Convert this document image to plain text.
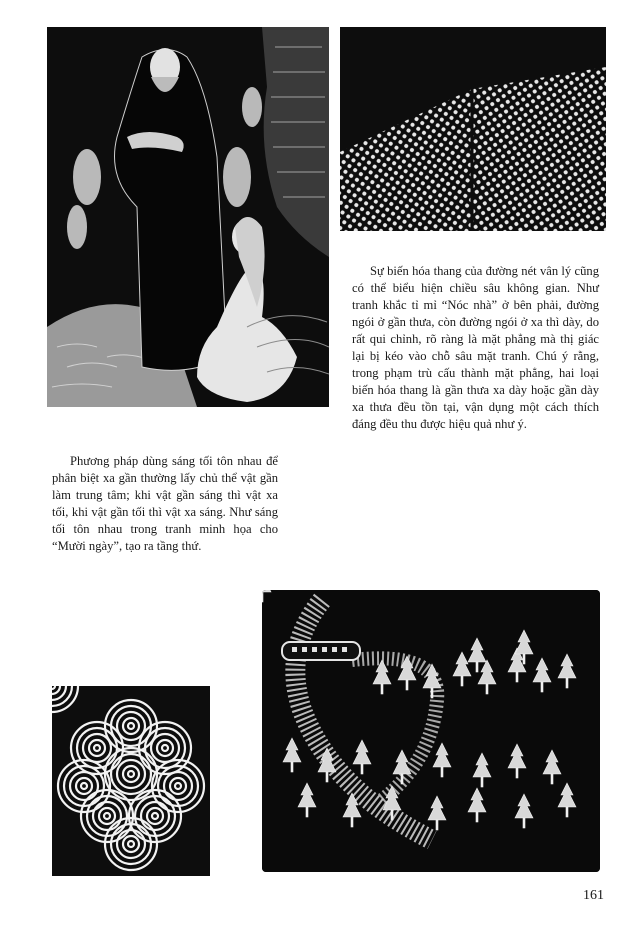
Sự biến hóa thang của đường nét vân lý cũng có thể biểu hiện chiều sâu không gian. Như tranh khắc tỉ mỉ “Nóc nhà” ở bên phải, đường ngói ở gần thưa, còn đường ngói ở xa thì dày, do rất qui chỉnh, rõ ràng là mặt phẳng mà thị giác lại bị kéo vào chỗ sâu mặt tranh. Chú ý rằng, trong phạm trù cấu thành mặt phẳng, hai loại biến hóa thang là gần thưa xa dày hoặc gần dày xa thưa đều tồn tại, vận dụng một cách thích đáng đều thu được hiệu quả như ý.

Phương pháp dùng sáng tối tôn nhau để phân biệt xa gần thường lấy chủ thể vật gần làm trung tâm; khi vật gần sáng thì vật xa tối, khi vật gần tối thì vật xa sáng. Như sáng tối tôn nhau trong tranh minh họa cho “Mười ngày”, tạo ra tầng thứ.

161
